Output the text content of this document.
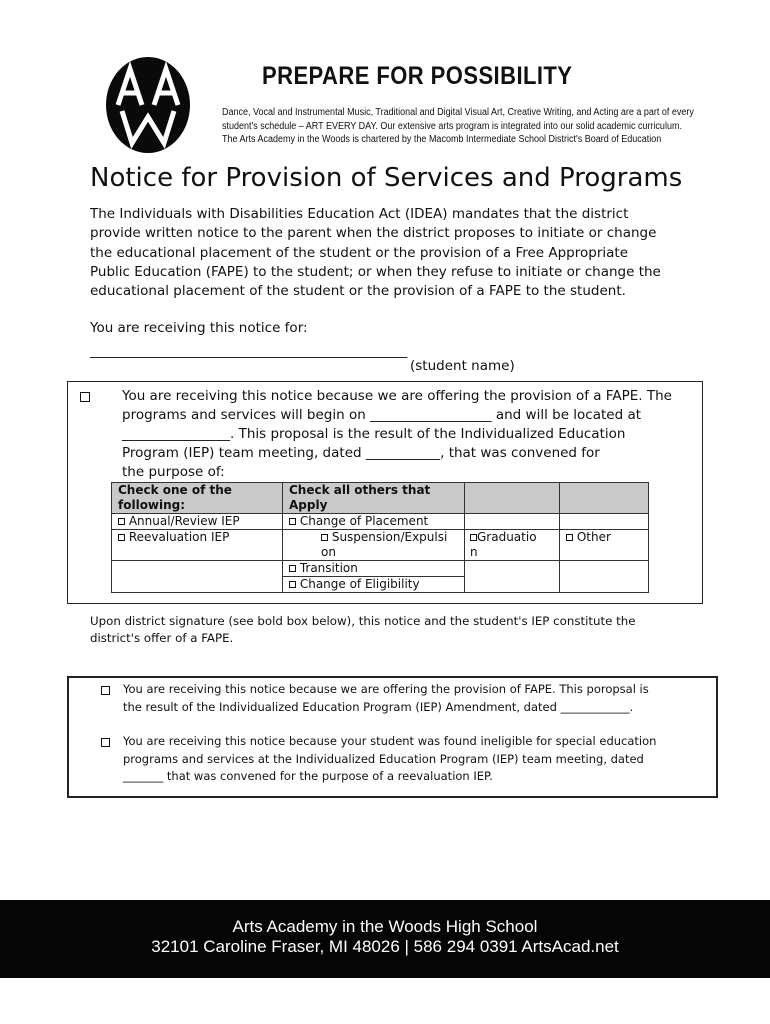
PREPARE FOR POSSIBILITY
Dance, Vocal and Instrumental Music, Traditional and Digital Visual Art, Creative Writing, and Acting are a part of every
student's schedule – ART EVERY DAY. Our extensive arts program is integrated into our solid academic curriculum.
The Arts Academy in the Woods is chartered by the Macomb Intermediate School District's Board of Education
Notice for Provision of Services and Programs
The Individuals with Disabilities Education Act (IDEA) mandates that the district
provide written notice to the parent when the district proposes to initiate or change
the educational placement of the student or the provision of a Free Appropriate
Public Education (FAPE) to the student; or when they refuse to initiate or change the
educational placement of the student or the provision of a FAPE to the student.
You are receiving this notice for:
_______________________________________________
(student name)
You are receiving this notice because we are offering the provision of a FAPE. The
programs and services will begin on __________________ and will be located at
________________. This proposal is the result of the Individualized Education
Program (IEP) team meeting, dated ___________, that was convened for
the purpose of:
Check one of the following:	Check all others that Apply		
Annual/Review IEP	Change of Placement		
Reevaluation IEP	Suspension/Expulsi on	Graduatio n	Other
	Transition		
	Change of Eligibility		
Upon district signature (see bold box below), this notice and the student's IEP constitute the
district's offer of a FAPE.
You are receiving this notice because we are offering the provision of FAPE. This poropsal is
the result of the Individualized Education Program (IEP) Amendment, dated ____________.
You are receiving this notice because your student was found ineligible for special education
programs and services at the Individualized Education Program (IEP) team meeting, dated
_______ that was convened for the purpose of a reevaluation IEP.
Arts Academy in the Woods High School
32101 Caroline Fraser, MI 48026 | 586 294 0391 ArtsAcad.net
